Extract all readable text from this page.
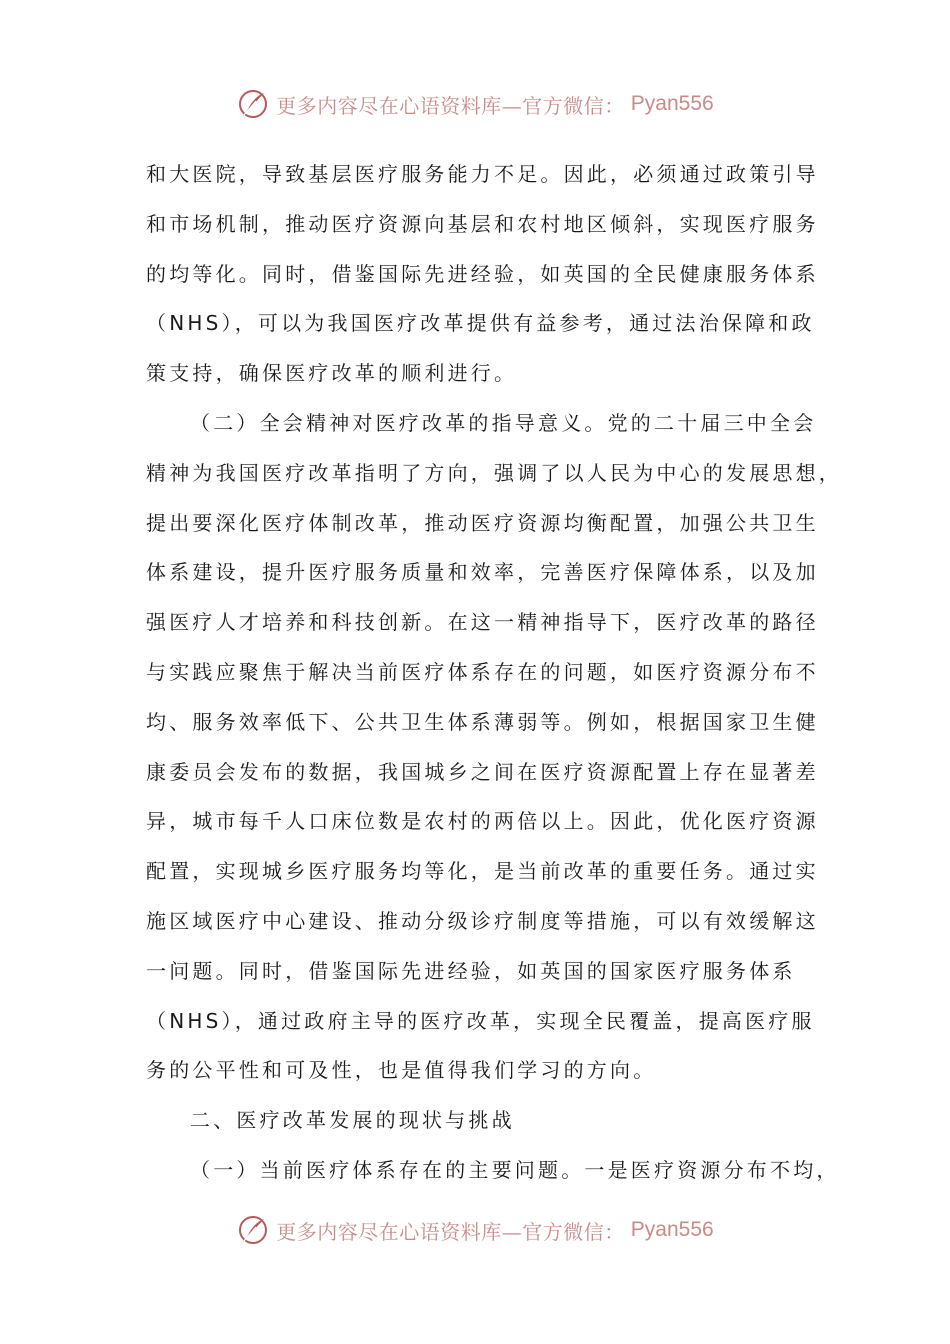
更多内容尽在心语资料库—官方微信： Pyan556
和大医院，导致基层医疗服务能力不足。因此，必须通过政策引导
和市场机制，推动医疗资源向基层和农村地区倾斜，实现医疗服务
的均等化。同时，借鉴国际先进经验，如英国的全民健康服务体系
（NHS），可以为我国医疗改革提供有益参考，通过法治保障和政
策支持，确保医疗改革的顺利进行。
（二）全会精神对医疗改革的指导意义。党的二十届三中全会
精神为我国医疗改革指明了方向，强调了以人民为中心的发展思想，
提出要深化医疗体制改革，推动医疗资源均衡配置，加强公共卫生
体系建设，提升医疗服务质量和效率，完善医疗保障体系，以及加
强医疗人才培养和科技创新。在这一精神指导下，医疗改革的路径
与实践应聚焦于解决当前医疗体系存在的问题，如医疗资源分布不
均、服务效率低下、公共卫生体系薄弱等。例如，根据国家卫生健
康委员会发布的数据，我国城乡之间在医疗资源配置上存在显著差
异，城市每千人口床位数是农村的两倍以上。因此，优化医疗资源
配置，实现城乡医疗服务均等化，是当前改革的重要任务。通过实
施区域医疗中心建设、推动分级诊疗制度等措施，可以有效缓解这
一问题。同时，借鉴国际先进经验，如英国的国家医疗服务体系
（NHS），通过政府主导的医疗改革，实现全民覆盖，提高医疗服
务的公平性和可及性，也是值得我们学习的方向。
二、医疗改革发展的现状与挑战
（一）当前医疗体系存在的主要问题。一是医疗资源分布不均，
更多内容尽在心语资料库—官方微信： Pyan556
